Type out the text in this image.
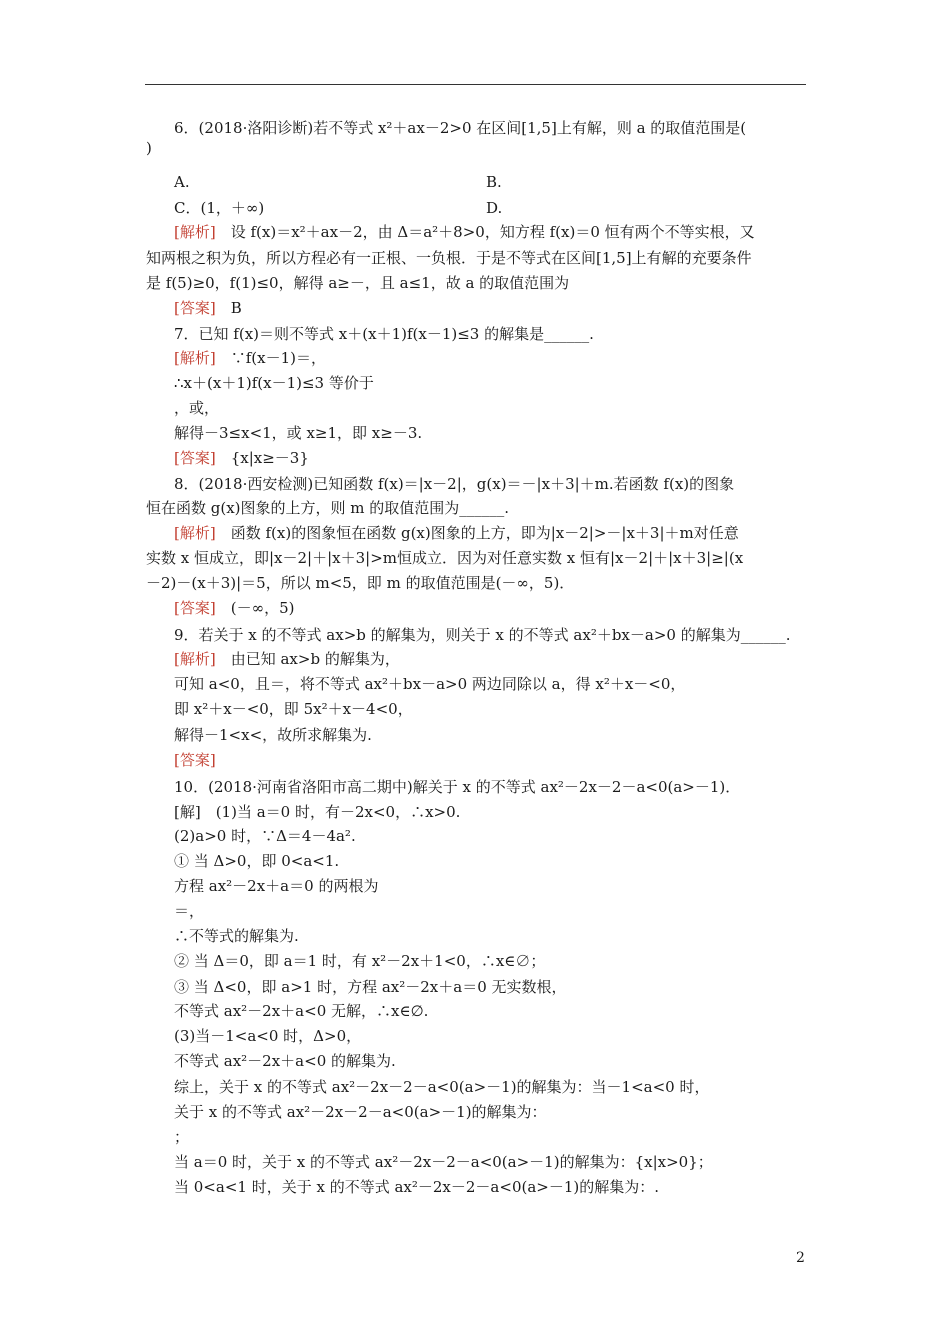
6．(2018·洛阳诊断)若不等式 x²＋ax－2>0 在区间[1,5]上有解，则 a 的取值范围是(
)
A.	B.
C．(1，＋∞)	D.
[解析]　设 f(x)＝x²＋ax－2，由 Δ＝a²＋8>0，知方程 f(x)＝0 恒有两个不等实根，又
知两根之积为负，所以方程必有一正根、一负根．于是不等式在区间[1,5]上有解的充要条件
是 f(5)≥0，f(1)≤0，解得 a≥－，且 a≤1，故 a 的取值范围为
[答案]　B
7．已知 f(x)＝则不等式 x＋(x＋1)f(x－1)≤3 的解集是______.
[解析]　∵f(x－1)＝，
∴x＋(x＋1)f(x－1)≤3 等价于
，或，
解得－3≤x<1，或 x≥1，即 x≥－3.
[答案]　{x|x≥－3}
8．(2018·西安检测)已知函数 f(x)＝|x－2|，g(x)＝－|x＋3|＋m.若函数 f(x)的图象
恒在函数 g(x)图象的上方，则 m 的取值范围为______.
[解析]　函数 f(x)的图象恒在函数 g(x)图象的上方，即为|x－2|>－|x＋3|＋m对任意
实数 x 恒成立，即|x－2|＋|x＋3|>m恒成立．因为对任意实数 x 恒有|x－2|＋|x＋3|≥|(x
－2)－(x＋3)|＝5，所以 m<5，即 m 的取值范围是(－∞，5)．
[答案]　(－∞，5)
9．若关于 x 的不等式 ax>b 的解集为，则关于 x 的不等式 ax²＋bx－a>0 的解集为______.
[解析]　由已知 ax>b 的解集为，
可知 a<0，且＝，将不等式 ax²＋bx－a>0 两边同除以 a，得 x²＋x－<0，
即 x²＋x－<0，即 5x²＋x－4<0，
解得－1<x<，故所求解集为.
[答案]
10．(2018·河南省洛阳市高二期中)解关于 x 的不等式 ax²－2x－2－a<0(a>－1)．
[解]　(1)当 a＝0 时，有－2x<0，∴x>0.
(2)a>0 时，∵Δ＝4－4a².
① 当 Δ>0，即 0<a<1.
方程 ax²－2x＋a＝0 的两根为
＝，
∴不等式的解集为.
② 当 Δ＝0，即 a＝1 时，有 x²－2x＋1<0，∴x∈∅；
③ 当 Δ<0，即 a>1 时，方程 ax²－2x＋a＝0 无实数根，
不等式 ax²－2x＋a<0 无解，∴x∈∅.
(3)当－1<a<0 时，Δ>0，
不等式 ax²－2x＋a<0 的解集为.
综上，关于 x 的不等式 ax²－2x－2－a<0(a>－1)的解集为：当－1<a<0 时，
关于 x 的不等式 ax²－2x－2－a<0(a>－1)的解集为：
；
当 a＝0 时，关于 x 的不等式 ax²－2x－2－a<0(a>－1)的解集为：{x|x>0}；
当 0<a<1 时，关于 x 的不等式 ax²－2x－2－a<0(a>－1)的解集为：.
2
